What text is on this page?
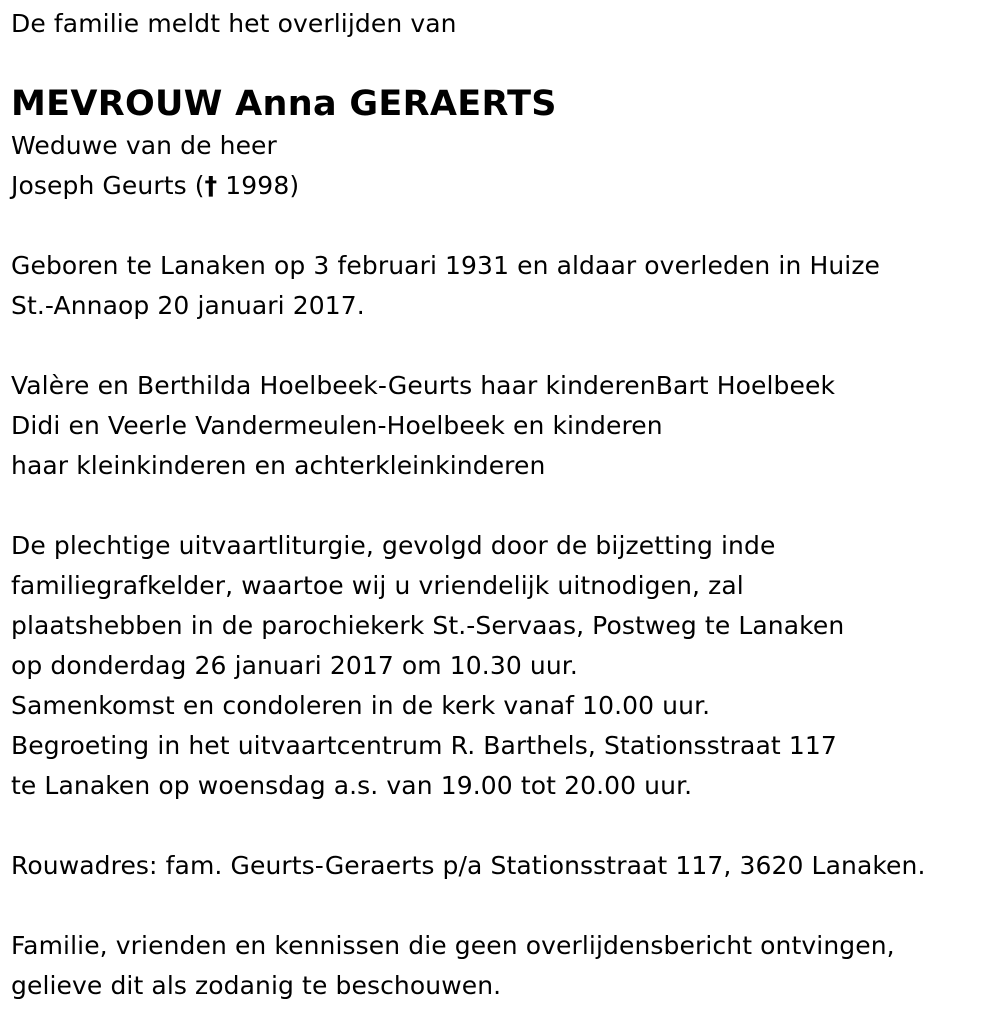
De familie meldt het overlijden van
MEVROUW Anna GERAERTS
Weduwe van de heer
Joseph Geurts († 1998)
Geboren te Lanaken op 3 februari 1931 en aldaar overleden in Huize
St.-Annaop 20 januari 2017.
Valère en Berthilda Hoelbeek-Geurts haar kinderenBart Hoelbeek
Didi en Veerle Vandermeulen-Hoelbeek en kinderen
haar kleinkinderen en achterkleinkinderen
De plechtige uitvaartliturgie, gevolgd door de bijzetting inde
familiegrafkelder, waartoe wij u vriendelijk uitnodigen, zal
plaatshebben in de parochiekerk St.-Servaas, Postweg te Lanaken
op donderdag 26 januari 2017 om 10.30 uur.
Samenkomst en condoleren in de kerk vanaf 10.00 uur.
Begroeting in het uitvaartcentrum R. Barthels, Stationsstraat 117
te Lanaken op woensdag a.s. van 19.00 tot 20.00 uur.
Rouwadres: fam. Geurts-Geraerts p/a Stationsstraat 117, 3620 Lanaken.
Familie, vrienden en kennissen die geen overlijdensbericht ontvingen,
gelieve dit als zodanig te beschouwen.
